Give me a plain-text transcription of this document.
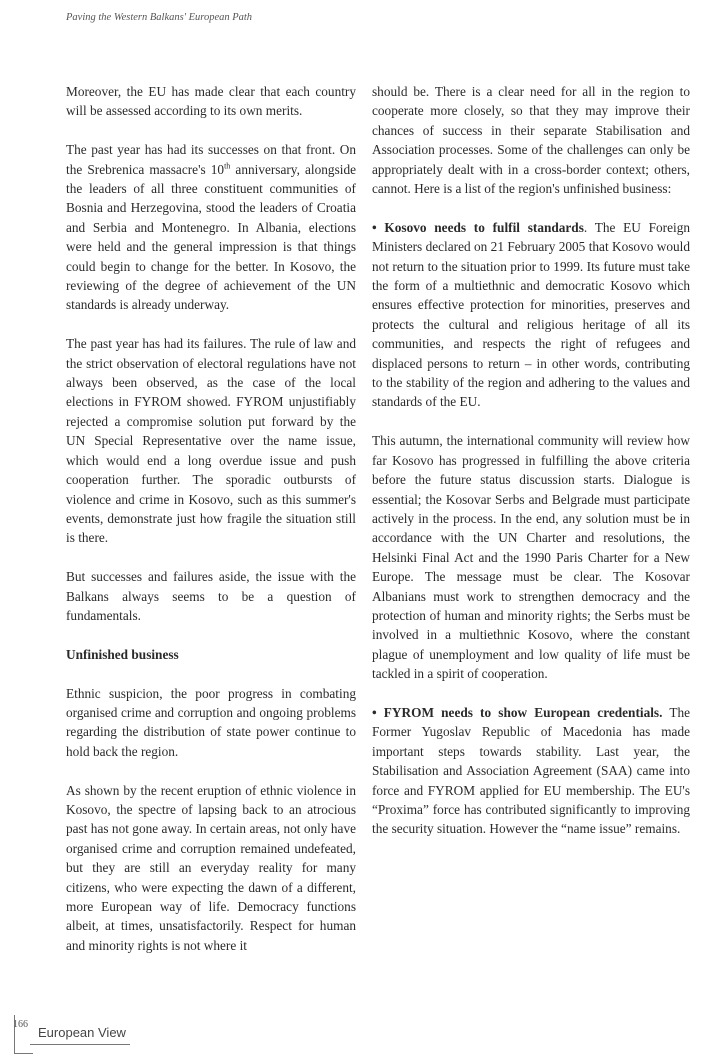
Paving the Western Balkans' European Path

Moreover, the EU has made clear that each country will be assessed according to its own merits.

The past year has had its successes on that front. On the Srebrenica massacre's 10th anniversary, alongside the leaders of all three constituent communities of Bosnia and Herzegovina, stood the leaders of Croatia and Serbia and Montenegro. In Albania, elections were held and the general impression is that things could begin to change for the better. In Kosovo, the reviewing of the degree of achievement of the UN standards is already underway.

The past year has had its failures. The rule of law and the strict observation of electoral regulations have not always been observed, as the case of the local elections in FYROM showed. FYROM unjustifiably rejected a compromise solution put forward by the UN Special Representative over the name issue, which would end a long overdue issue and push cooperation further. The sporadic outbursts of violence and crime in Kosovo, such as this summer's events, demonstrate just how fragile the situation still is there.

But successes and failures aside, the issue with the Balkans always seems to be a question of fundamentals.

Unfinished business

Ethnic suspicion, the poor progress in combating organised crime and corruption and ongoing problems regarding the distribution of state power continue to hold back the region.

As shown by the recent eruption of ethnic violence in Kosovo, the spectre of lapsing back to an atrocious past has not gone away. In certain areas, not only have organised crime and corruption remained undefeated, but they are still an everyday reality for many citizens, who were expecting the dawn of a different, more European way of life. Democracy functions albeit, at times, unsatisfactorily. Respect for human and minority rights is not where it

should be. There is a clear need for all in the region to cooperate more closely, so that they may improve their chances of success in their separate Stabilisation and Association processes. Some of the challenges can only be appropriately dealt with in a cross-border context; others, cannot. Here is a list of the region's unfinished business:

• Kosovo needs to fulfil standards. The EU Foreign Ministers declared on 21 February 2005 that Kosovo would not return to the situation prior to 1999. Its future must take the form of a multiethnic and democratic Kosovo which ensures effective protection for minorities, preserves and protects the cultural and religious heritage of all its communities, and respects the right of refugees and displaced persons to return – in other words, contributing to the stability of the region and adhering to the values and standards of the EU.

This autumn, the international community will review how far Kosovo has progressed in fulfilling the above criteria before the future status discussion starts. Dialogue is essential; the Kosovar Serbs and Belgrade must participate actively in the process. In the end, any solution must be in accordance with the UN Charter and resolutions, the Helsinki Final Act and the 1990 Paris Charter for a New Europe. The message must be clear. The Kosovar Albanians must work to strengthen democracy and the protection of human and minority rights; the Serbs must be involved in a multiethnic Kosovo, where the constant plague of unemployment and low quality of life must be tackled in a spirit of cooperation.

• FYROM needs to show European credentials. The Former Yugoslav Republic of Macedonia has made important steps towards stability. Last year, the Stabilisation and Association Agreement (SAA) came into force and FYROM applied for EU membership. The EU's “Proxima” force has contributed significantly to improving the security situation. However the “name issue” remains.

166
European View
